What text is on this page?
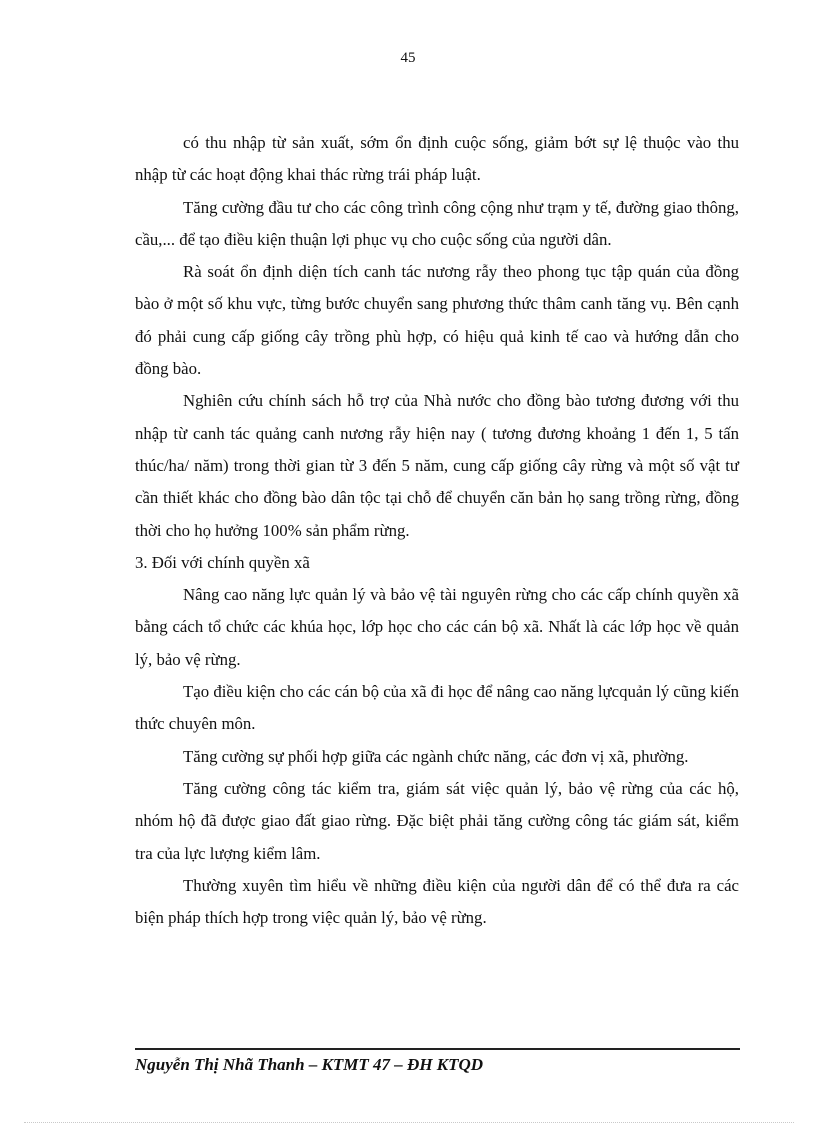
45

có thu nhập từ sản xuất, sớm ổn định cuộc sống, giảm bớt sự lệ thuộc vào thu nhập từ các hoạt động khai thác rừng trái pháp luật.

Tăng cường đầu tư cho các công trình công cộng như trạm y tế, đường giao thông, cầu,... để tạo điều kiện thuận lợi phục vụ cho cuộc sống của người dân.

Rà soát ổn định diện tích canh tác nương rẫy theo phong tục tập quán của đồng bào ở một số khu vực, từng bước chuyển sang phương thức thâm canh tăng vụ. Bên cạnh đó phải cung cấp giống cây trồng phù hợp, có hiệu quả kinh tế cao và hướng dẫn cho đồng bào.

Nghiên cứu chính sách hỗ trợ của Nhà nước cho đồng bào tương đương với thu nhập từ canh tác quảng canh nương rẫy hiện nay ( tương đương khoảng 1 đến 1, 5 tấn thúc/ha/ năm) trong thời gian từ 3 đến 5 năm, cung cấp giống cây rừng và một số vật tư cần thiết khác cho đồng bào dân tộc tại chỗ để chuyển căn bản họ sang trồng rừng, đồng thời cho họ hưởng 100% sản phẩm rừng.

3. Đối với chính quyền xã

Nâng cao năng lực quản lý và bảo vệ tài nguyên rừng cho các cấp chính quyền xã bằng cách tổ chức các khúa học, lớp học cho các cán bộ xã. Nhất là các lớp học về quản lý, bảo vệ rừng.

Tạo điều kiện cho các cán bộ của xã đi học để nâng cao năng lựcquản lý cũng kiến thức chuyên môn.

Tăng cường sự phối hợp giữa các ngành chức năng, các đơn vị xã, phường.

Tăng cường công tác kiểm tra, giám sát việc quản lý, bảo vệ rừng của các hộ, nhóm hộ đã được giao đất giao rừng. Đặc biệt phải tăng cường công tác giám sát, kiểm tra của lực lượng kiểm lâm.

Thường xuyên tìm hiểu về những điều kiện của người dân để có thể đưa ra các biện pháp thích hợp trong việc quản lý, bảo vệ rừng.

Nguyễn Thị Nhã Thanh – KTMT 47 – ĐH KTQD
